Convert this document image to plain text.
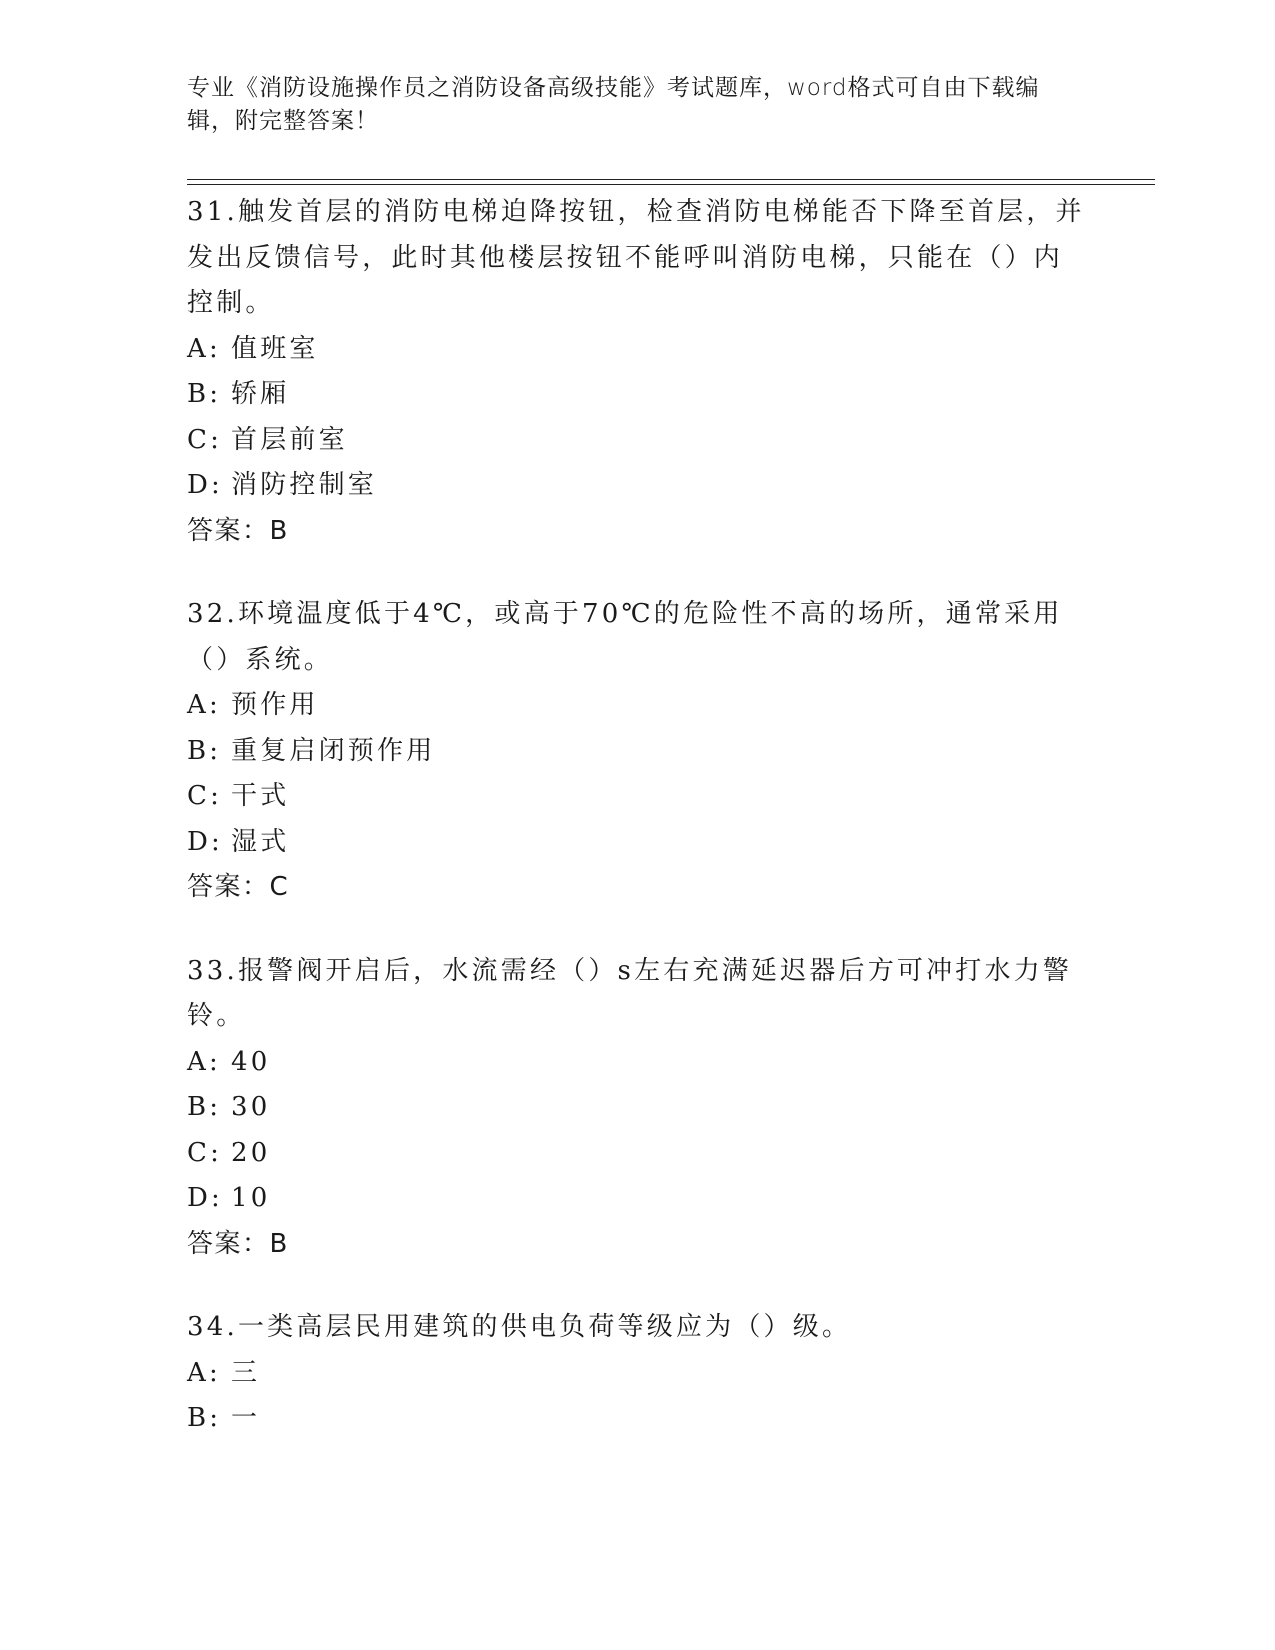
专业《消防设施操作员之消防设备高级技能》考试题库，word格式可自由下载编辑，附完整答案！

31.触发首层的消防电梯迫降按钮，检查消防电梯能否下降至首层，并发出反馈信号，此时其他楼层按钮不能呼叫消防电梯，只能在（）内控制。

A: 值班室

B: 轿厢

C: 首层前室

D: 消防控制室

答案：B

32.环境温度低于4℃，或高于70℃的危险性不高的场所，通常采用（）系统。

A: 预作用

B: 重复启闭预作用

C: 干式

D: 湿式

答案：C

33.报警阀开启后，水流需经（）s左右充满延迟器后方可冲打水力警铃。

A: 40

B: 30

C: 20

D: 10

答案：B

34.一类高层民用建筑的供电负荷等级应为（）级。

A: 三

B: 一
